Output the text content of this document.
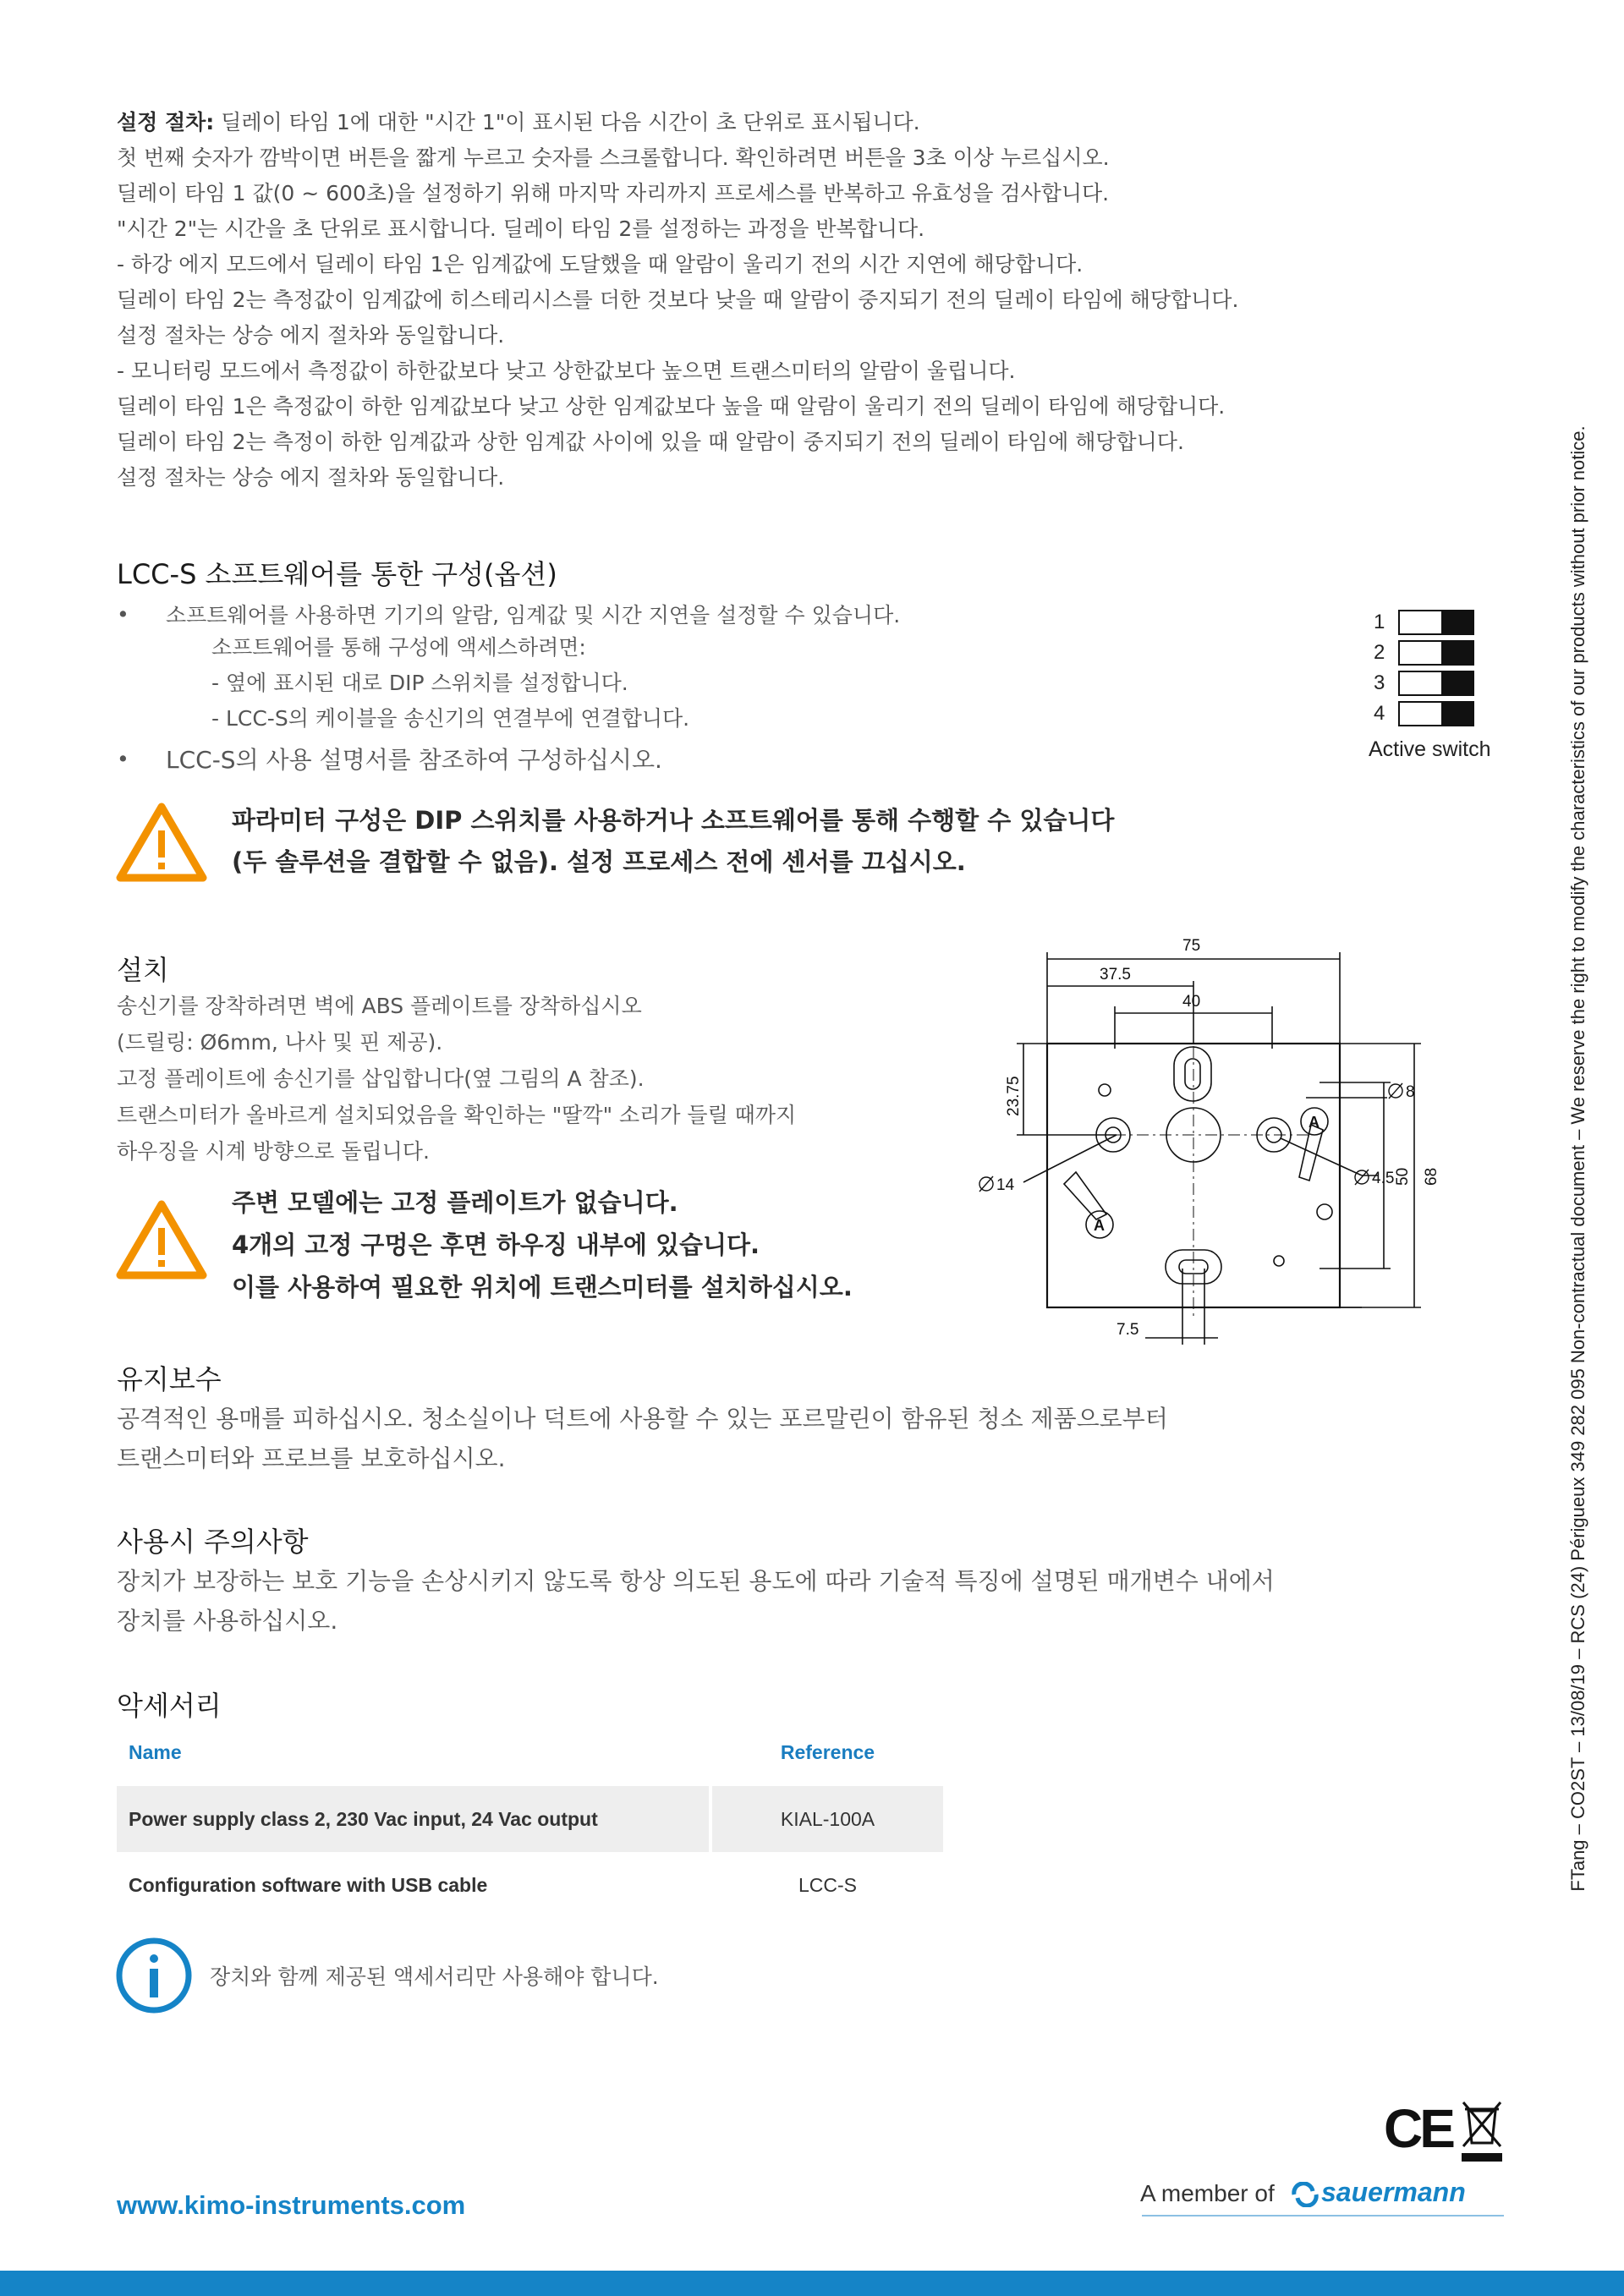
설정 절차: 딜레이 타임 1에 대한 "시간 1"이 표시된 다음 시간이 초 단위로 표시됩니다.
첫 번째 숫자가 깜박이면 버튼을 짧게 누르고 숫자를 스크롤합니다. 확인하려면 버튼을 3초 이상 누르십시오.
딜레이 타임 1 값(0 ~ 600초)을 설정하기 위해 마지막 자리까지 프로세스를 반복하고 유효성을 검사합니다.
"시간 2"는 시간을 초 단위로 표시합니다. 딜레이 타임 2를 설정하는 과정을 반복합니다.
- 하강 에지 모드에서 딜레이 타임 1은 임계값에 도달했을 때 알람이 울리기 전의 시간 지연에 해당합니다.
딜레이 타임 2는 측정값이 임계값에 히스테리시스를 더한 것보다 낮을 때 알람이 중지되기 전의 딜레이 타임에 해당합니다.
설정 절차는 상승 에지 절차와 동일합니다.
- 모니터링 모드에서 측정값이 하한값보다 낮고 상한값보다 높으면 트랜스미터의 알람이 울립니다.
딜레이 타임 1은 측정값이 하한 임계값보다 낮고 상한 임계값보다 높을 때 알람이 울리기 전의 딜레이 타임에 해당합니다.
딜레이 타임 2는 측정이 하한 임계값과 상한 임계값 사이에 있을 때 알람이 중지되기 전의 딜레이 타임에 해당합니다.
설정 절차는 상승 에지 절차와 동일합니다.
LCC-S 소프트웨어를 통한 구성(옵션)
• 소프트웨어를 사용하면 기기의 알람, 임계값 및 시간 지연을 설정할 수 있습니다.
소프트웨어를 통해 구성에 액세스하려면:
- 옆에 표시된 대로 DIP 스위치를 설정합니다.
- LCC-S의 케이블을 송신기의 연결부에 연결합니다.
• LCC-S의 사용 설명서를 참조하여 구성하십시오.
1
2
3
4
Active switch
파라미터 구성은 DIP 스위치를 사용하거나 소프트웨어를 통해 수행할 수 있습니다
(두 솔루션을 결합할 수 없음). 설정 프로세스 전에 센서를 끄십시오.
설치
송신기를 장착하려면 벽에 ABS 플레이트를 장착하십시오
(드릴링: Ø6mm, 나사 및 핀 제공).
고정 플레이트에 송신기를 삽입합니다(옆 그림의 A 참조).
트랜스미터가 올바르게 설치되었음을 확인하는 "딸깍" 소리가 들릴 때까지
하우징을 시계 방향으로 돌립니다.
주변 모델에는 고정 플레이트가 없습니다.
4개의 고정 구멍은 후면 하우징 내부에 있습니다.
이를 사용하여 필요한 위치에 트랜스미터를 설치하십시오.
75
37.5
40
23.75	8
14	4.5 50 68
7.5
A
A
유지보수
공격적인 용매를 피하십시오. 청소실이나 덕트에 사용할 수 있는 포르말린이 함유된 청소 제품으로부터
트랜스미터와 프로브를 보호하십시오.
사용시 주의사항
장치가 보장하는 보호 기능을 손상시키지 않도록 항상 의도된 용도에 따라 기술적 특징에 설명된 매개변수 내에서
장치를 사용하십시오.
악세서리
Name	Reference
Power supply class 2, 230 Vac input, 24 Vac output	KIAL-100A
Configuration software with USB cable	LCC-S
장치와 함께 제공된 액세서리만 사용해야 합니다.
CE
www.kimo-instruments.com	A member of sauermann
FTang – CO2ST – 13/08/19 – RCS (24) Périgueux 349 282 095 Non-contractual document – We reserve the right to modify the characteristics of our products without prior notice.
